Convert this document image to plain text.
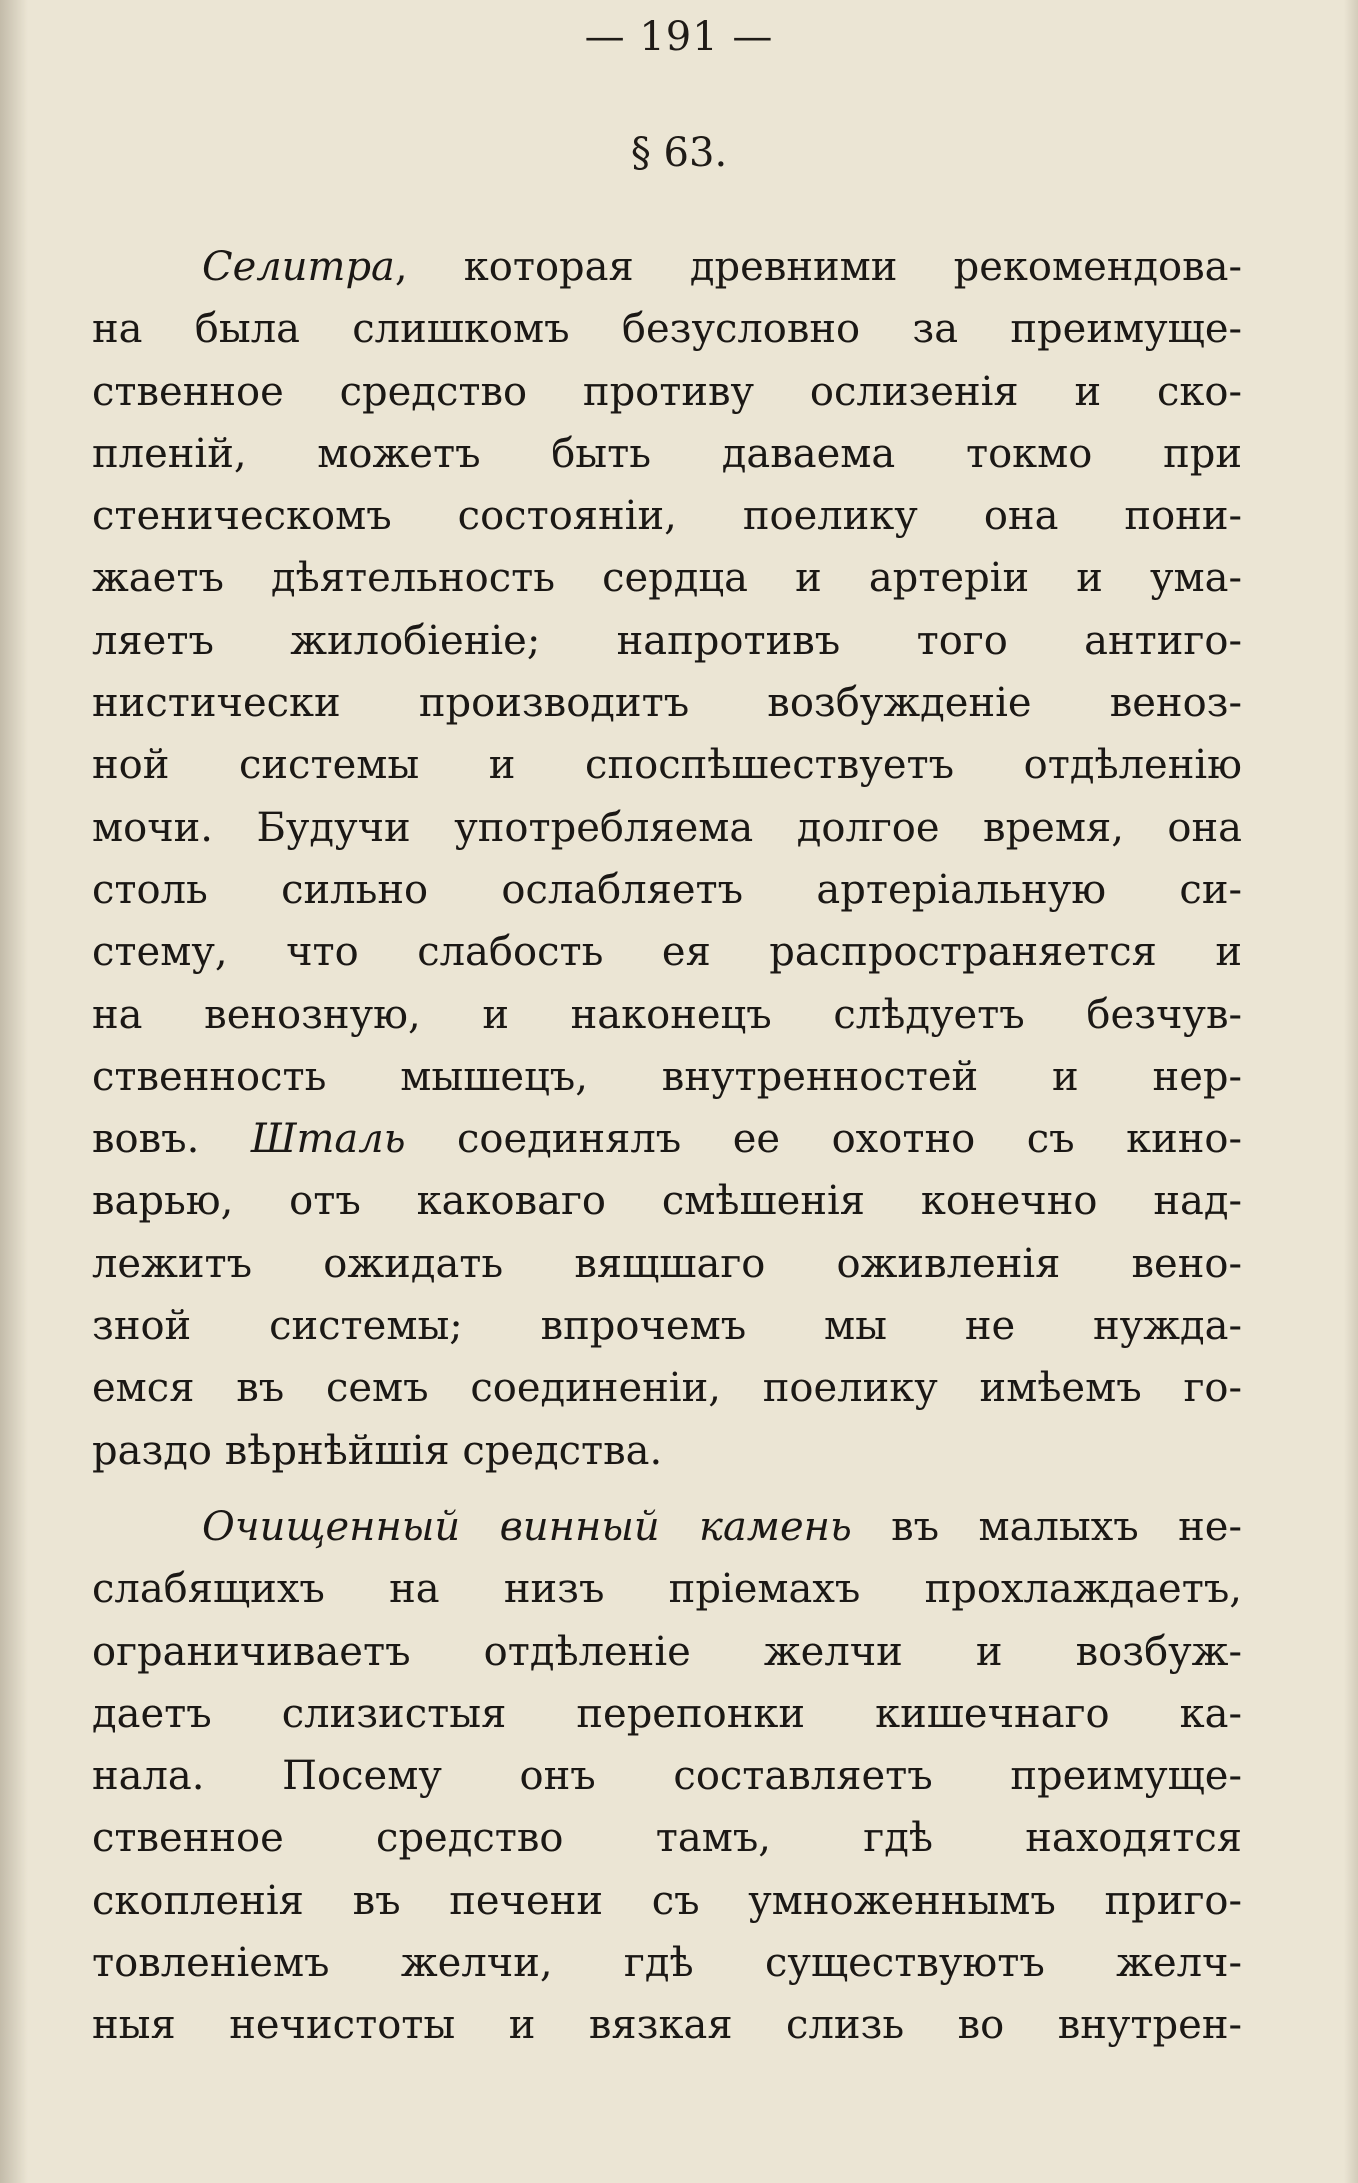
— 191 —
§ 63.
Селитра, которая древними рекомендова-
на была слишкомъ безусловно за преимуще-
ственное средство противу ослизенія и ско-
пленій, можетъ быть даваема токмо при
стеническомъ состояніи, поелику она пони-
жаетъ дѣятельность сердца и артеріи и ума-
ляетъ жилобіеніе; напротивъ того антиго-
нистически производитъ возбужденіе веноз-
ной системы и споспѣшествуетъ отдѣленію
мочи. Будучи употребляема долгое время, она
столь сильно ослабляетъ артеріальную си-
стему, что слабость ея распространяется и
на венозную, и наконецъ слѣдуетъ безчув-
ственность мышецъ, внутренностей и нер-
вовъ. Шталь соединялъ ее охотно съ кино-
варью, отъ каковаго смѣшенія конечно над-
лежитъ ожидать вящшаго оживленія вено-
зной системы; впрочемъ мы не нужда-
емся въ семъ соединеніи, поелику имѣемъ го-
раздо вѣрнѣйшія средства.
Очищенный винный камень въ малыхъ не-
слабящихъ на низъ пріемахъ прохлаждаетъ,
ограничиваетъ отдѣленіе желчи и возбуж-
даетъ слизистыя перепонки кишечнаго ка-
нала. Посему онъ составляетъ преимуще-
ственное средство тамъ, гдѣ находятся
скопленія въ печени съ умноженнымъ приго-
товленіемъ желчи, гдѣ существуютъ желч-
ныя нечистоты и вязкая слизь во внутрен-
